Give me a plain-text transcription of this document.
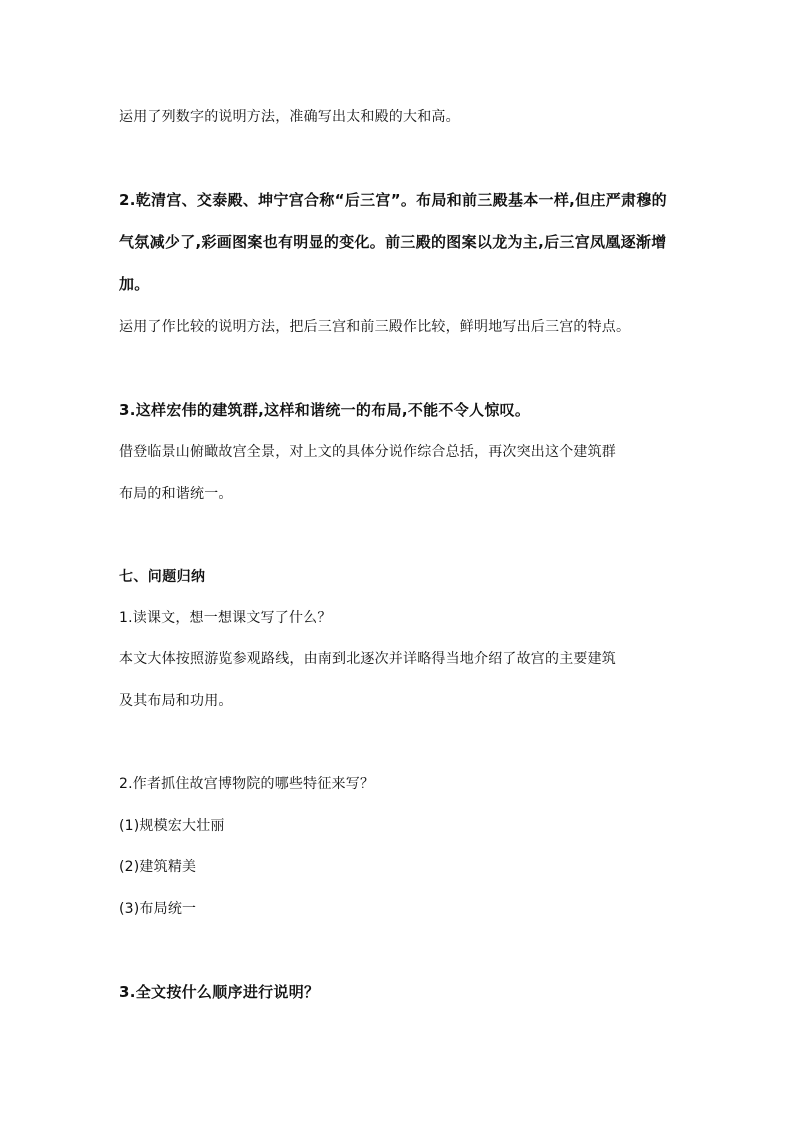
运用了列数字的说明方法，准确写出太和殿的大和高。
2.乾清宫、交泰殿、坤宁宫合称“后三宫”。布局和前三殿基本一样,但庄严肃穆的
气氛减少了,彩画图案也有明显的变化。前三殿的图案以龙为主,后三宫凤凰逐渐增
加。
运用了作比较的说明方法，把后三宫和前三殿作比较，鲜明地写出后三宫的特点。
3.这样宏伟的建筑群,这样和谐统一的布局,不能不令人惊叹。
借登临景山俯瞰故宫全景，对上文的具体分说作综合总括，再次突出这个建筑群
布局的和谐统一。
七、问题归纳
1.读课文，想一想课文写了什么？
本文大体按照游览参观路线，由南到北逐次并详略得当地介绍了故宫的主要建筑
及其布局和功用。
2.作者抓住故宫博物院的哪些特征来写？
(1)规模宏大壮丽
(2)建筑精美
(3)布局统一
3.全文按什么顺序进行说明？
